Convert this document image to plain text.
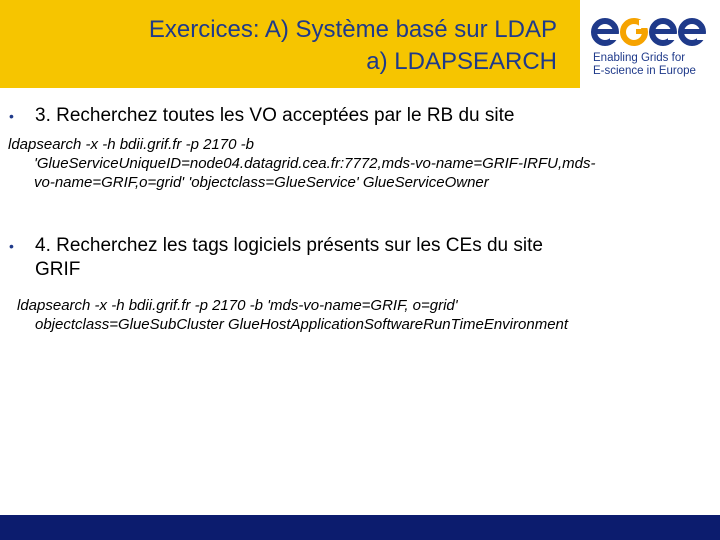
Exercices: A) Système basé sur LDAP
a) LDAPSEARCH	Enabling Grids for
E-science in Europe
• 3. Recherchez toutes les VO acceptées par le RB du site
ldapsearch -x -h bdii.grif.fr -p 2170 -b
'GlueServiceUniqueID=node04.datagrid.cea.fr:7772,mds-vo-name=GRIF-IRFU,mds-
vo-name=GRIF,o=grid' 'objectclass=GlueService' GlueServiceOwner
• 4. Recherchez les tags logiciels présents sur les CEs du site
GRIF
ldapsearch -x -h bdii.grif.fr -p 2170 -b 'mds-vo-name=GRIF, o=grid'
objectclass=GlueSubCluster GlueHostApplicationSoftwareRunTimeEnvironment
